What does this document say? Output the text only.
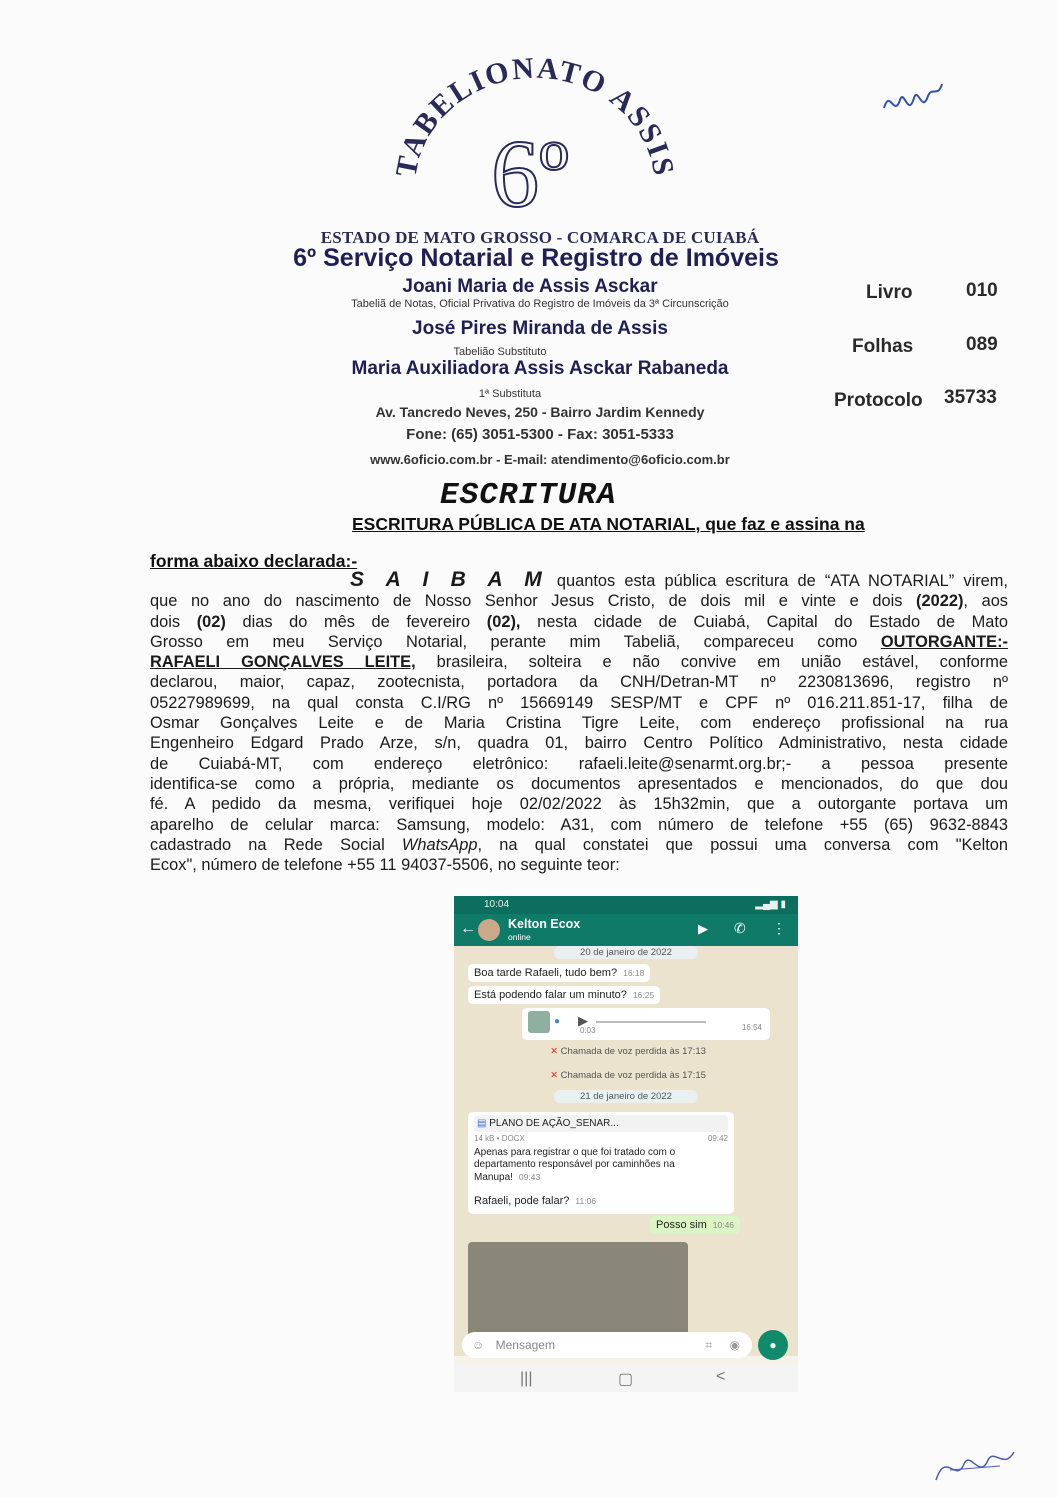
TABELIONATO ASSIS
6º
ESTADO DE MATO GROSSO - COMARCA DE CUIABÁ
6º Serviço Notarial e Registro de Imóveis
Joani Maria de Assis Asckar
Tabeliã de Notas, Oficial Privativa do Registro de Imóveis da 3ª Circunscrição
José Pires Miranda de Assis
Tabelião Substituto
Maria Auxiliadora Assis Asckar Rabaneda
1ª Substituta
Av. Tancredo Neves, 250 - Bairro Jardim Kennedy
Fone: (65) 3051-5300 - Fax: 3051-5333
www.6oficio.com.br - E-mail: atendimento@6oficio.com.br
Livro	010
Folhas	089
Protocolo 35733
ESCRITURA
ESCRITURA PÚBLICA DE ATA NOTARIAL, que faz e assina na
forma abaixo declarada:-
S A I B A M quantos esta pública escritura de “ATA NOTARIAL” virem,
que no ano do nascimento de Nosso Senhor Jesus Cristo, de dois mil e vinte e dois (2022), aos
dois (02) dias do mês de fevereiro (02), nesta cidade de Cuiabá, Capital do Estado de Mato
Grosso em meu Serviço Notarial, perante mim Tabeliã, compareceu como OUTORGANTE:-
RAFAELI GONÇALVES LEITE, brasileira, solteira e não convive em união estável, conforme
declarou, maior, capaz, zootecnista, portadora da CNH/Detran-MT nº 2230813696, registro nº
05227989699, na qual consta C.I/RG nº 15669149 SESP/MT e CPF nº 016.211.851-17, filha de
Osmar Gonçalves Leite e de Maria Cristina Tigre Leite, com endereço profissional na rua
Engenheiro Edgard Prado Arze, s/n, quadra 01, bairro Centro Político Administrativo, nesta cidade
de Cuiabá-MT, com endereço eletrônico: rafaeli.leite@senarmt.org.br;- a pessoa presente
identifica-se como a própria, mediante os documentos apresentados e mencionados, do que dou
fé. A pedido da mesma, verifiquei hoje 02/02/2022 às 15h32min, que a outorgante portava um
aparelho de celular marca: Samsung, modelo: A31, com número de telefone +55 (65) 9632-8843
cadastrado na Rede Social WhatsApp, na qual constatei que possui uma conversa com "Kelton
Ecox", número de telefone +55 11 94037-5506, no seguinte teor:
10:04	▂▄▆ ▮
←	Kelton Ecox
online
▶ ✆ ⋮
20 de janeiro de 2022
Boa tarde Rafaeli, tudo bem? 16:18
Está podendo falar um minuto? 16:25
● ▶
0:03	16:54
✕ Chamada de voz perdida às 17:13
✕ Chamada de voz perdida às 17:15
21 de janeiro de 2022
▤ PLANO DE AÇÃO_SENAR...
14 kB • DOCX	09:42
Apenas para registrar o que foi tratado com o departamento responsável por caminhões na Manupa! 09:43
Rafaeli, pode falar? 11:06
Posso sim 10:46
☺ Mensagem	⌗ ◉	●
|||	▢	<
